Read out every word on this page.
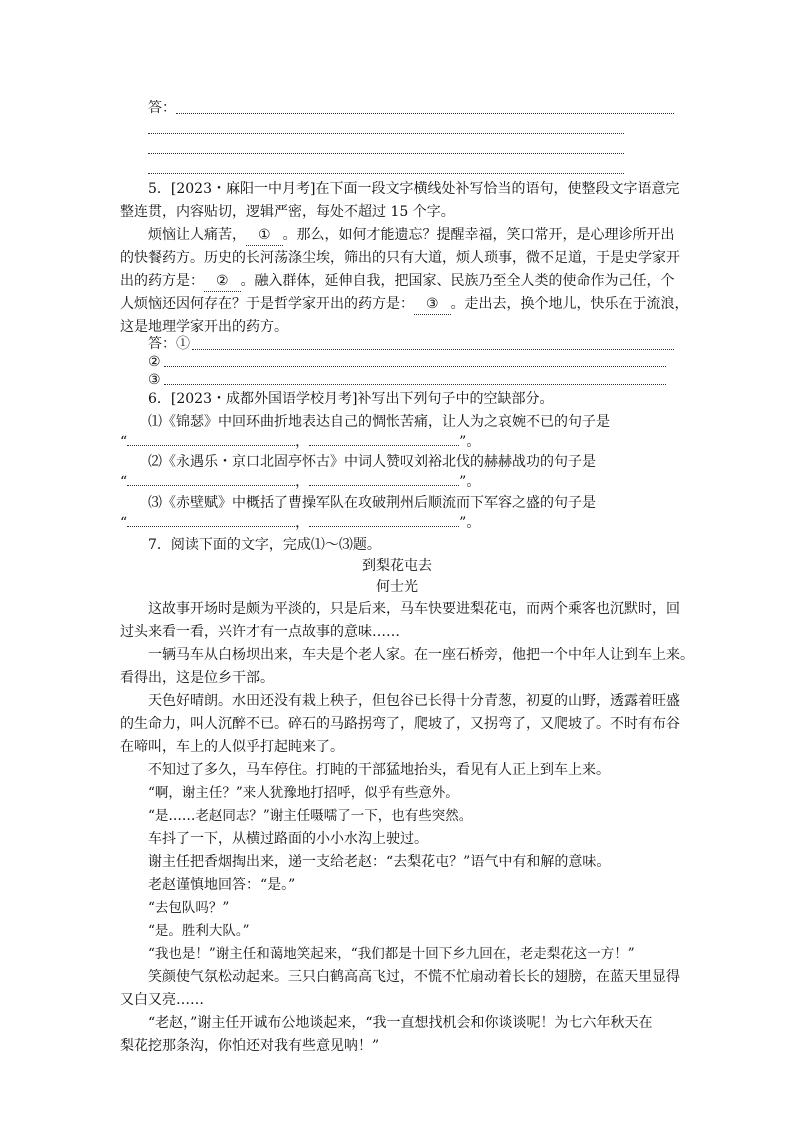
答：
5．[2023・麻阳一中月考]在下面一段文字横线处补写恰当的语句，使整段文字语意完
整连贯，内容贴切，逻辑严密，每处不超过 15 个字。
烦恼让人痛苦， ① 。那么，如何才能遗忘？提醒幸福，笑口常开，是心理诊所开出
的快餐药方。历史的长河荡涤尘埃，筛出的只有大道，烦人琐事，微不足道，于是史学家开
出的药方是： ② 。融入群体，延伸自我，把国家、民族乃至全人类的使命作为己任，个
人烦恼还因何存在？于是哲学家开出的药方是： ③ 。走出去，换个地儿，快乐在于流浪，
这是地理学家开出的药方。
答：①
②
③
6．[2023・成都外国语学校月考]补写出下列句子中的空缺部分。
⑴《锦瑟》中回环曲折地表达自己的惆怅苦痛，让人为之哀婉不已的句子是
“	，	”。
⑵《永遇乐・京口北固亭怀古》中词人赞叹刘裕北伐的赫赫战功的句子是
“	，	”。
⑶《赤壁赋》中概括了曹操军队在攻破荆州后顺流而下军容之盛的句子是
“	，	”。
7．阅读下面的文字，完成⑴～⑶题。
到梨花屯去
何士光
这故事开场时是颇为平淡的，只是后来，马车快要进梨花屯，而两个乘客也沉默时，回
过头来看一看，兴许才有一点故事的意味……
一辆马车从白杨坝出来，车夫是个老人家。在一座石桥旁，他把一个中年人让到车上来。
看得出，这是位乡干部。
天色好晴朗。水田还没有栽上秧子，但包谷已长得十分青葱，初夏的山野，透露着旺盛
的生命力，叫人沉醉不已。碎石的马路拐弯了，爬坡了，又拐弯了，又爬坡了。不时有布谷
在啼叫，车上的人似乎打起盹来了。
不知过了多久，马车停住。打盹的干部猛地抬头，看见有人正上到车上来。
“啊，谢主任？”来人犹豫地打招呼，似乎有些意外。
“是……老赵同志？”谢主任嗫嚅了一下，也有些突然。
车抖了一下，从横过路面的小小水沟上驶过。
谢主任把香烟掏出来，递一支给老赵：“去梨花屯？”语气中有和解的意味。
老赵谨慎地回答：“是。”
“去包队吗？”
“是。胜利大队。”
“我也是！”谢主任和蔼地笑起来，“我们都是十回下乡九回在，老走梨花这一方！”
笑颜使气氛松动起来。三只白鹤高高飞过，不慌不忙扇动着长长的翅膀，在蓝天里显得
又白又亮……
“老赵，”谢主任开诚布公地谈起来，“我一直想找机会和你谈谈呢！为七六年秋天在
梨花挖那条沟，你怕还对我有些意见呐！”
